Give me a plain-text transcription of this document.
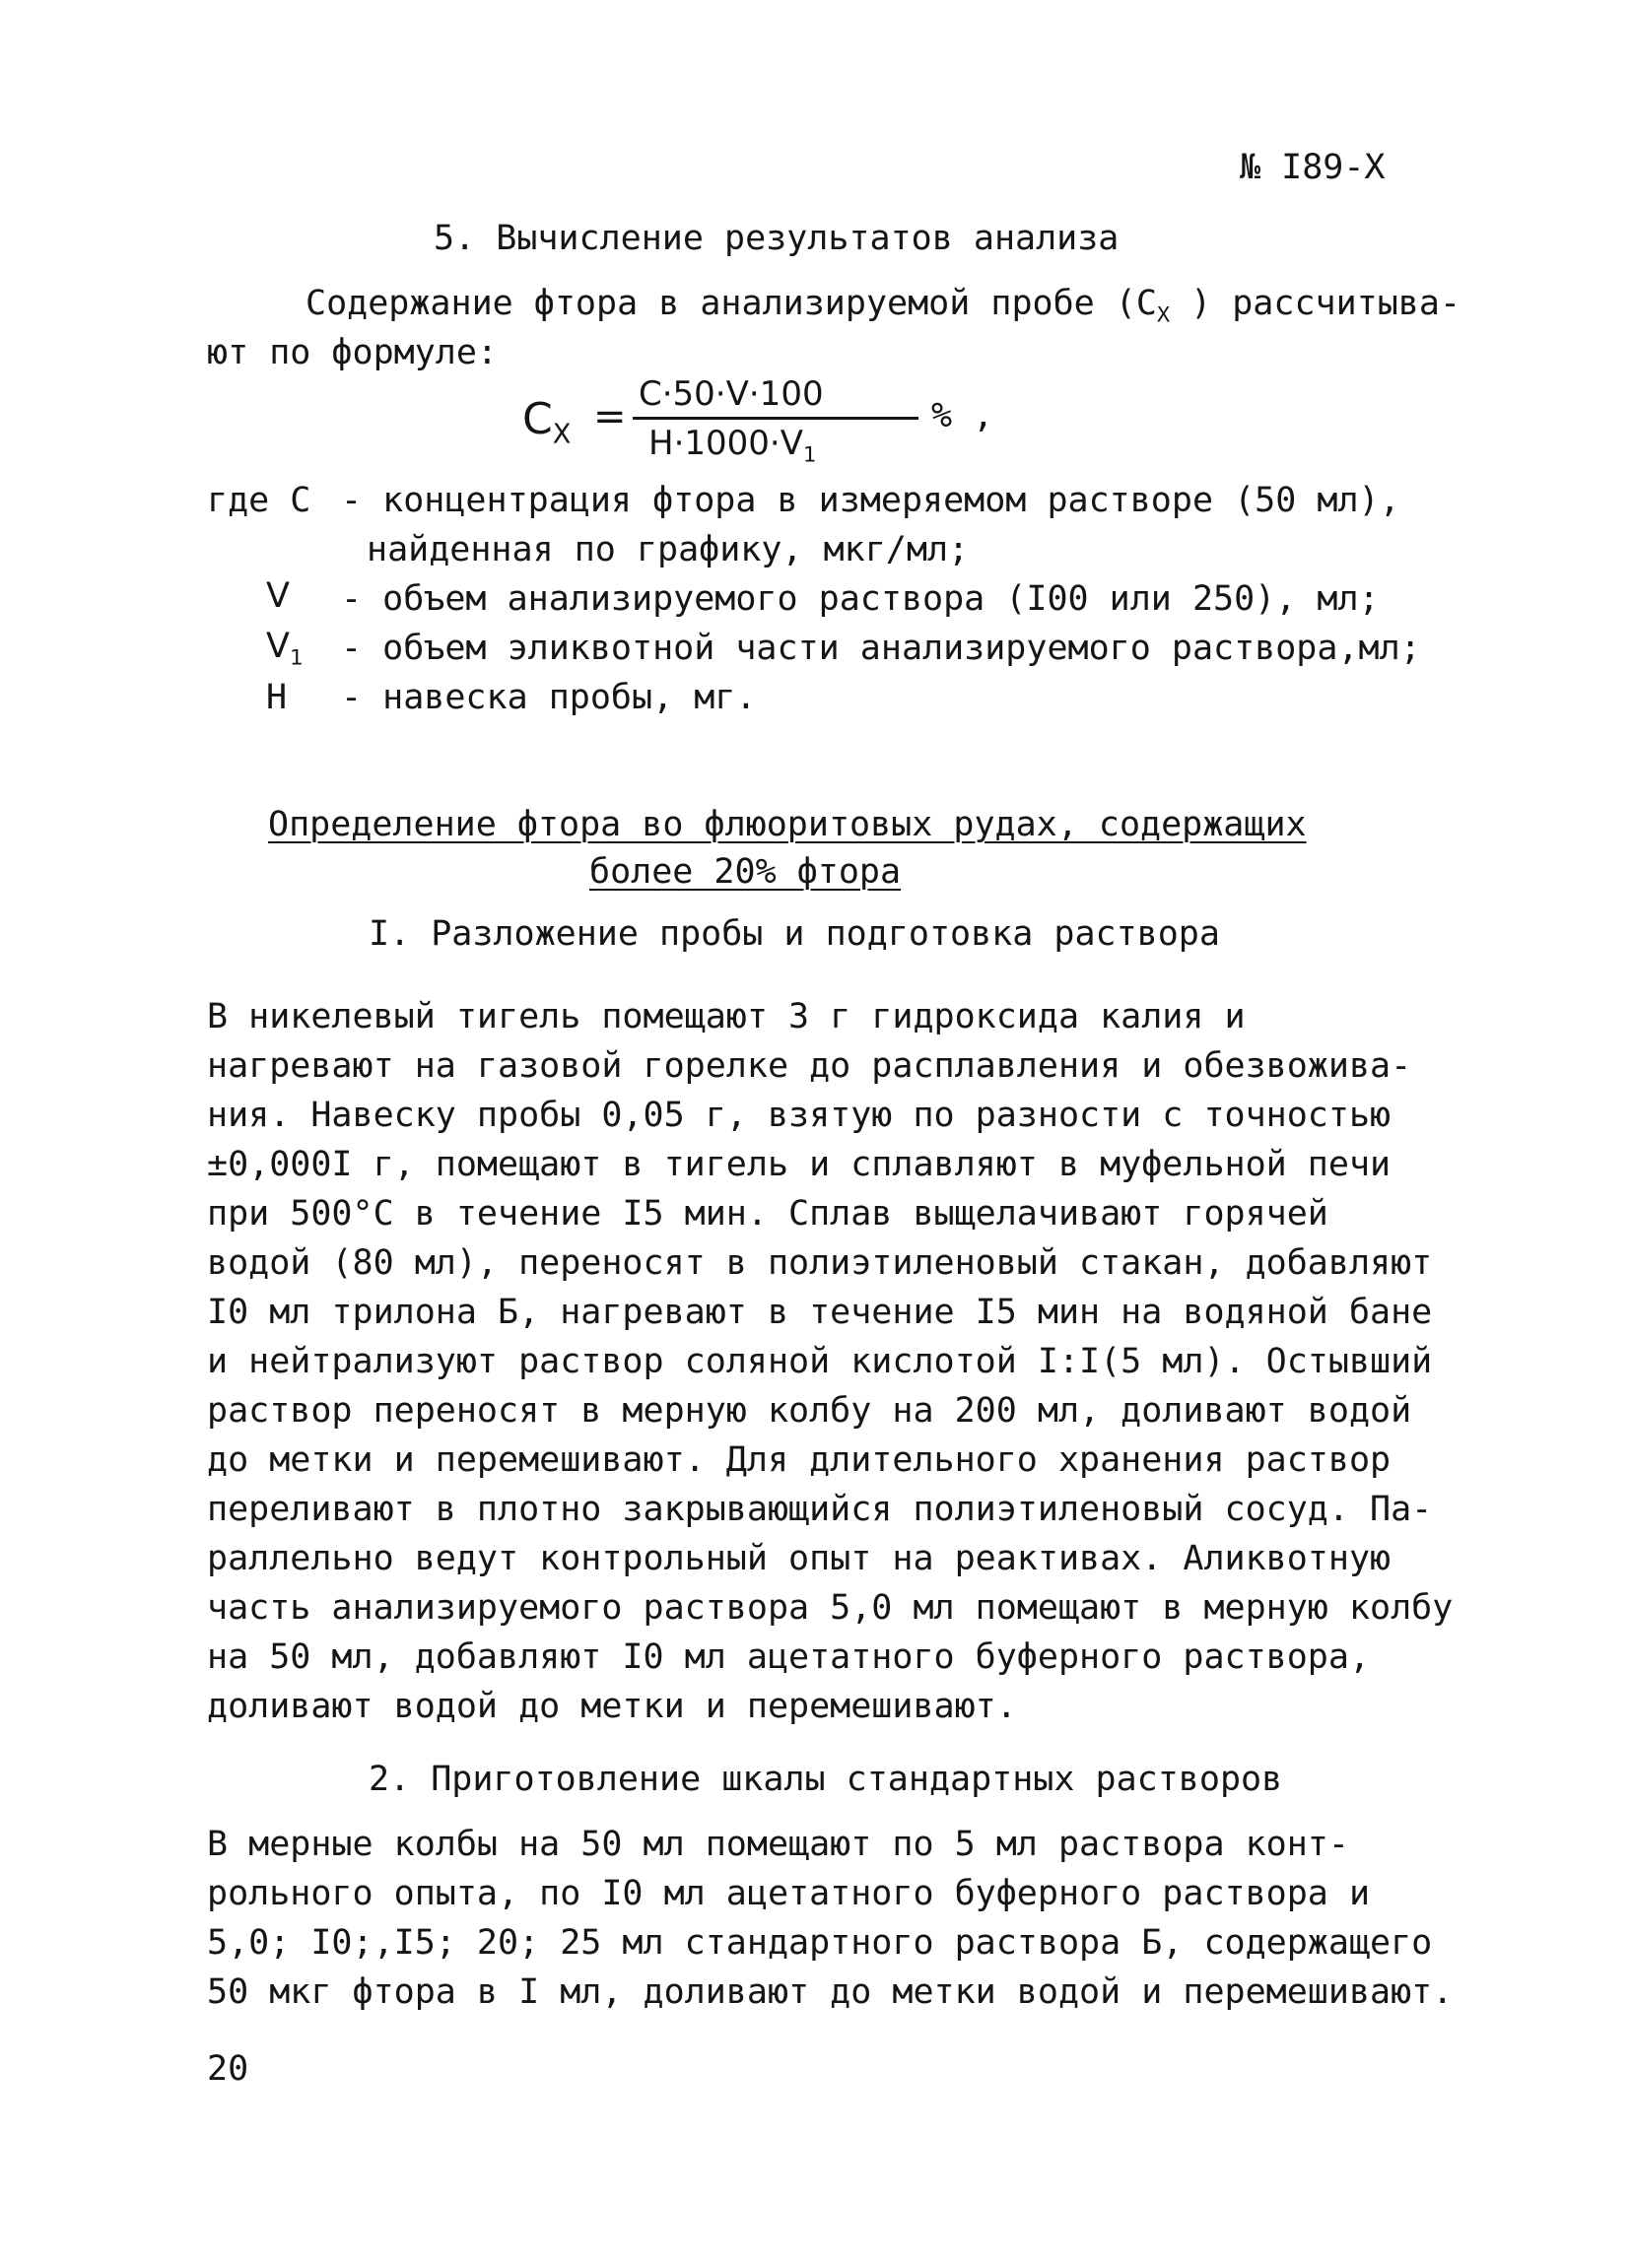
№ I89-X
5. Вычисление результатов анализа
Содержание фтора в анализируемой пробе ($С_X$ ) рассчитыва-
ют по формуле:
$C_X = C\cdot 50\cdot V\cdot 100$
$H\cdot 1000\cdot V_1$
% ,
где С - концентрация фтора в измеряемом растворе (50 мл),
найденная по графику, мкг/мл;
V - объем анализируемого раствора (I00 или 250), мл;
$V_1$ - объем эликвотной части анализируемого раствора,мл;
Н - навеска пробы, мг.
Определение фтора во флюоритовых рудах, содержащих
более 20% фтора
I. Разложение пробы и подготовка раствора
В никелевый тигель помещают 3 г гидроксида калия и
нагревают на газовой горелке до расплавления и обезвожива-
ния. Навеску пробы 0,05 г, взятую по разности с точностью
±0,000I г, помещают в тигель и сплавляют в муфельной печи
при 500°С в течение I5 мин. Сплав выщелачивают горячей
водой (80 мл), переносят в полиэтиленовый стакан, добавляют
I0 мл трилона Б, нагревают в течение I5 мин на водяной бане
и нейтрализуют раствор соляной кислотой I:I(5 мл). Остывший
раствор переносят в мерную колбу на 200 мл, доливают водой
до метки и перемешивают. Для длительного хранения раствор
переливают в плотно закрывающийся полиэтиленовый сосуд. Па-
раллельно ведут контрольный опыт на реактивах. Аликвотную
часть анализируемого раствора 5,0 мл помещают в мерную колбу
на 50 мл, добавляют I0 мл ацетатного буферного раствора,
доливают водой до метки и перемешивают.
2. Приготовление шкалы стандартных растворов
В мерные колбы на 50 мл помещают по 5 мл раствора конт-
рольного опыта, по I0 мл ацетатного буферного раствора и
5,0; I0;,I5; 20; 25 мл стандартного раствора Б, содержащего
50 мкг фтора в I мл, доливают до метки водой и перемешивают.
20
